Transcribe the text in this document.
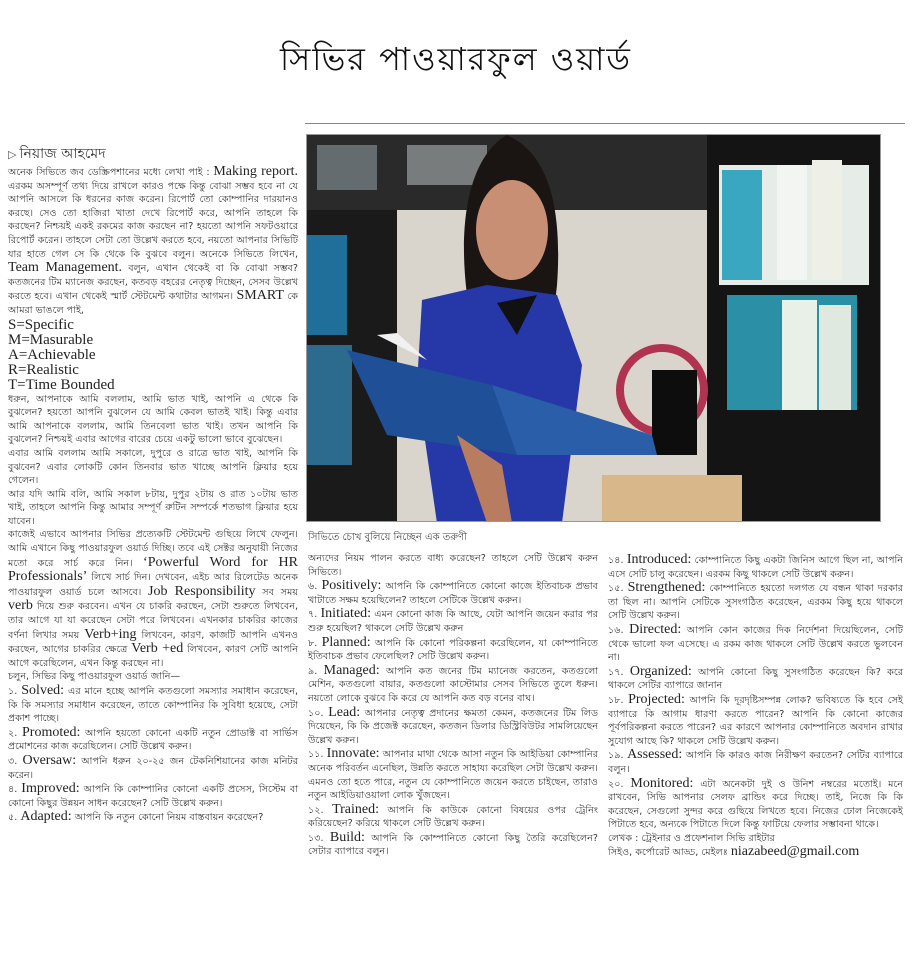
সিভির পাওয়ারফুল ওয়ার্ড
▷ নিয়াজ আহমেদ

অনেক সিভিতে জব ডেস্ক্রিপশানের মধ্যে লেখা পাই : Making report. এরকম অসম্পূর্ণ তথ্য দিয়ে রাখলে কারও পক্ষে কিন্তু বোঝা সম্ভব হবে না যে আপনি আসলে কি ধরনের কাজ করেন। রিপোর্ট তো কোম্পানির দারয়ানও করছে। সেও তো হাজিরা খাতা দেখে রিপোর্ট করে, আপনি তাহলে কি করছেন? নিশ্চয়ই একই রকমের কাজ করছেন না? হয়তো আপনি সফটওয়ারে রিপোর্ট করেন। তাহলে সেটা তো উল্লেখ করতে হবে, নয়তো আপনার সিভিটি যার হাতে গেল সে কি থেকে কি বুঝবে বলুন। অনেকে সিভিতে লিখেন, Team Management. বলুন, এখান থেকেই বা কি বোঝা সম্ভব? কতজনের টিম ম্যানেজ করছেন, কতবড় বহরের নেতৃত্ব দিচ্ছেন, সেসব উল্লেখ করতে হবে। এখান থেকেই স্মার্ট স্টেটমেন্ট কথাটার আগমন। SMART কে আমরা ভাঙলে পাই,

S=Specific
M=Masurable
A=Achievable
R=Realistic
T=Time Bounded

ধরুন, আপনাকে আমি বললাম, আমি ভাত খাই, আপনি এ থেকে কি বুঝলেন? হয়তো আপনি বুঝলেন যে আমি কেবল ভাতই খাই। কিন্তু এবার আমি আপনাকে বললাম, আমি তিনবেলা ভাত খাই। তখন আপনি কি বুঝলেন? নিশ্চয়ই এবার আগের বারের চেয়ে একটু ভালো ভাবে বুঝেছেন।

এবার আমি বললাম আমি সকালে, দুপুরে ও রাত্রে ভাত খাই, আপনি কি বুঝবেন? এবার লোকটি কোন তিনবার ভাত খাচ্ছে আপনি ক্লিয়ার হয়ে গেলেন।

আর যদি আমি বলি, আমি সকাল ৮টায়, দুপুর ২টায় ও রাত ১০টায় ভাত খাই, তাহলে আপনি কিন্তু আমার সম্পূর্ণ রুটিন সম্পর্কে শতভাগ ক্লিয়ার হয়ে যাবেন।

কাজেই এভাবে আপনার সিভির প্রত্যেকটি স্টেটমেন্ট গুছিয়ে লিখে ফেলুন। আমি এখানে কিছু পাওয়ারফুল ওয়ার্ড দিচ্ছি। তবে এই সেক্টর অনুযায়ী নিজের মতো করে সার্চ করে নিন। ‘Powerful Word for HR Professionals’ লিখে সার্চ দিন। দেখবেন, এইচ আর রিলেটেড অনেক পাওয়ারফুল ওয়ার্ড চলে আসবে। Job Responsibility সব সময় verb দিয়ে শুরু করবেন। এখন যে চাকরি করছেন, সেটা শুরুতে লিখবেন, তার আগে যা যা করেছেন সেটা পরে লিখবেন। এখনকার চাকরির কাজের বর্ণনা লিখার সময় Verb+ing লিখবেন, কারণ, কাজটি আপনি এখনও করছেন, আগের চাকরির ক্ষেত্রে Verb +ed লিখবেন, কারণ সেটি আপনি আগে করেছিলেন, এখন কিন্তু করছেন না।

চলুন, সিভির কিছু পাওয়ারফুল ওয়ার্ড জানি—

১. Solved: এর মানে হচ্ছে আপনি কতগুলো সমস্যার সমাধান করেছেন, কি কি সমস্যার সমাধান করেছেন, তাতে কোম্পানির কি সুবিধা হয়েছে, সেটা প্রকাশ পাচ্ছে।

২. Promoted: আপনি হয়তো কোনো একটি নতুন প্রোডাক্ট বা সার্ভিস প্রমোশনের কাজ করেছিলেন। সেটি উল্লেখ করুন।

৩. Oversaw: আপনি ধরুন ২০-২৫ জন টেকনিশিয়ানের কাজ মনিটর করেন।

৪. Improved: আপনি কি কোম্পানির কোনো একটি প্রসেস, সিস্টেম বা কোনো কিছুর উন্নয়ন সাধন করেছেন? সেটি উল্লেখ করুন।

৫. Adapted: আপনি কি নতুন কোনো নিয়ম বাস্তবায়ন করেছেন?

সিভিতে চোখ বুলিয়ে নিচ্ছেন এক তরুণী

অন্যদের নিয়ম পালন করতে বাধ্য করেছেন? তাহলে সেটি উল্লেখ করুন সিভিতে।

৬. Positively: আপনি কি কোম্পানিতে কোনো কাজে ইতিবাচক প্রভাব খাটাতে সক্ষম হয়েছিলেন? তাহলে সেটিকে উল্লেখ করুন।

৭. Initiated: এমন কোনো কাজ কি আছে, যেটা আপনি জয়েন করার পর শুরু হয়েছিল? থাকলে সেটি উল্লেখ করুন

৮. Planned: আপনি কি কোনো পরিকল্পনা করেছিলেন, যা কোম্পানিতে ইতিবাচক প্রভাব ফেলেছিল? সেটি উল্লেখ করুন।

৯. Managed: আপনি কত জনের টিম ম্যানেজ করতেন, কতগুলো মেশিন, কতগুলো বায়ার, কতগুলো কাস্টোমার সেসব সিভিতে তুলে ধরুন। নয়তো লোকে বুঝবে কি করে যে আপনি কত বড় বনের বাঘ।

১০. Lead: আপনার নেতৃত্ব প্রদানের ক্ষমতা কেমন, কতজনের টিম লিড দিয়েছেন, কি কি প্রজেক্ট করেছেন, কতজন ডিলার ডিস্ট্রিবিউটর সামলিয়েছেন উল্লেখ করুন।

১১. Innovate: আপনার মাথা থেকে আসা নতুন কি আইডিয়া কোম্পানির অনেক পরিবর্তন এনেছিল, উন্নতি করতে সাহায্য করেছিল সেটা উল্লেখ করুন। এমনও তো হতে পারে, নতুন যে কোম্পানিতে জয়েন করতে চাইছেন, তারাও নতুন আইডিয়াওয়ালা লোক খুঁজছেন।

১২. Trained: আপনি কি কাউকে কোনো বিষয়ের ওপর ট্রেনিং করিয়েছেন? করিয়ে থাকলে সেটি উল্লেখ করুন।

১৩. Build: আপনি কি কোম্পানিতে কোনো কিছু তৈরি করেছিলেন? সেটার ব্যাপারে বলুন।

১৪. Introduced: কোম্পানিতে কিছু একটা জিনিস আগে ছিল না, আপনি এসে সেটি চালু করেছেন। এরকম কিছু থাকলে সেটি উল্লেখ করুন।

১৫. Strengthened: কোম্পানিতে হয়তো দলগত যে বন্ধন থাকা দরকার তা ছিল না। আপনি সেটিকে সুসংগঠিত করেছেন, এরকম কিছু হয়ে থাকলে সেটি উল্লেখ করুন।

১৬. Directed: আপনি কোন কাজের দিক নির্দেশনা দিয়েছিলেন, সেটি থেকে ভালো ফল এসেছে। এ রকম কাজ থাকলে সেটি উল্লেখ করতে ভুলবেন না।

১৭. Organized: আপনি কোনো কিছু সুসংগঠিত করেছেন কি? করে থাকলে সেটির ব্যাপারে জানান

১৮. Projected: আপনি কি দূরদৃষ্টিসম্পন্ন লোক? ভবিষ্যতে কি হবে সেই ব্যাপারে কি আগাম ধারণা করতে পারেন? আপনি কি কোনো কাজের পূর্বপরিকল্পনা করতে পারেন? এর কারণে আপনার কোম্পানিতে অবদান রাখার সুযোগ আছে কি? থাকলে সেটি উল্লেখ করুন।

১৯. Assessed: আপনি কি কারও কাজ নিরীক্ষণ করতেন? সেটির ব্যাপারে বলুন।

২০. Monitored: এটা অনেকটা দুই ও উনিশ নম্বরের মতোই। মনে রাখবেন, সিভি আপনার সেলফ ব্রান্ডিং করে দিচ্ছে। তাই, নিজে কি কি করেছেন, সেগুলো সুন্দর করে গুছিয়ে লিখতে হবে। নিজের ঢোল নিজেকেই পিটাতে হবে, অন্যকে পিটাতে দিলে কিন্তু ফাটিয়ে ফেলার সম্ভাবনা থাকে।

লেখক : ট্রেইনার ও প্রফেশনাল সিভি রাইটার

সিইও, কর্পোরেট আড্ড, মেইলঃ niazabeed@gmail.com
